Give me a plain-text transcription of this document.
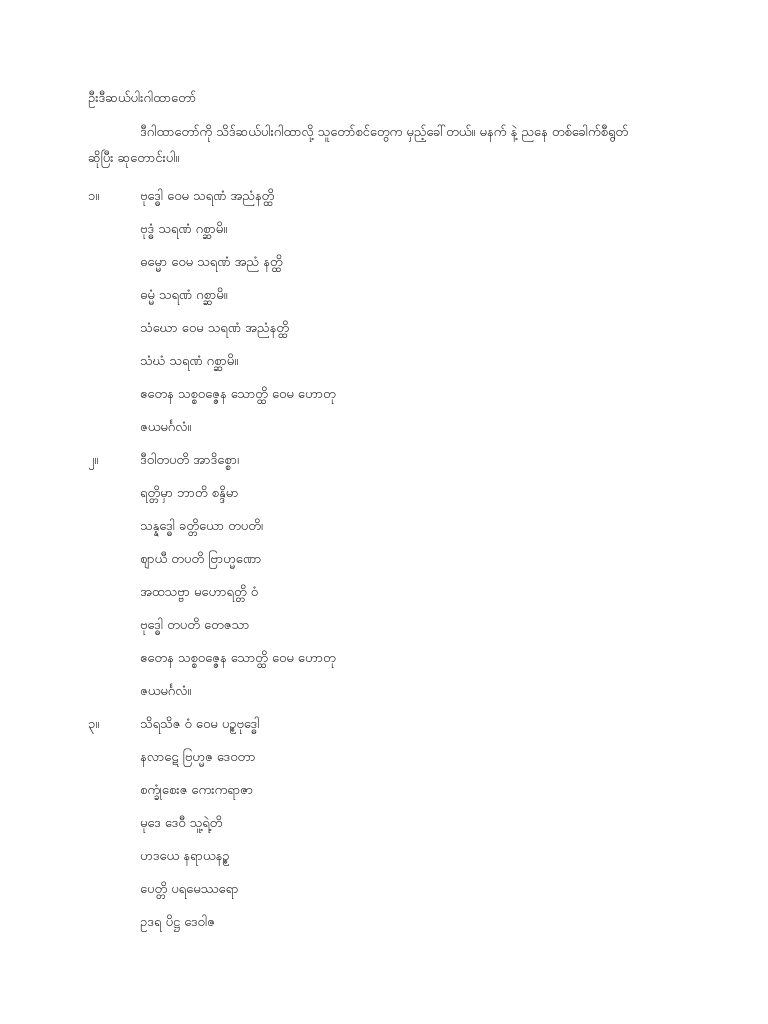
ဦးဒီဆယ်ပါးဂါထာတော်
ဒီဂါထာတော်ကို သိဒ်ဆယ်ပါးဂါထာလို့ သူတော်စင်တွေက မှည့်ခေါ်တယ်။ မနက် နဲ့ ညနေ တစ်ခေါက်စီရွတ်
ဆိုပြီး ဆုတောင်းပါ။
၁။	ဗုဒ္ဓေါ ဝေမ သရဏံ အညံနတ္ထိ
ဗုဒ္ဓံ သရဏံ ဂစ္ဆာမိ။
ဓမ္မော ဝေမ သရဏံ အညံ နတ္ထိ
ဓမ္မံ သရဏံ ဂစ္ဆာမိ။
သံဃော ဝေမ သရဏံ အညံနတ္ထိ
သံဃံ သရဏံ ဂစ္ဆာမိ။
ဧတေန သစ္စဝဇ္ဇေန သောတ္ထိ ဝေမ ဟောတု
ဇယမင်္ဂလံ။
၂။	ဒီဝါတပတိ အာဒိစ္စော၊
ရတ္တိမှာ ဘာတိ စန္ဒိမာ
သန္နဒ္ဓေါ ခတ္တိယော တပတိ၊
ဈာယီ တပတိ ဗြာဟ္မဏော
အထသဗ္ဗာ မဟောရတ္တိ ဝံ
ဗုဒ္ဓေါ တပတိ တေဇသာ
ဧတေန သစ္စဝဇ္ဇေန သောတ္ထိ ဝေမ ဟောတု
ဇယမင်္ဂလံ။
၃။	သိရသိဇ ဝံ ဝေမ ပဥ္စဗုဒ္ဓေါ
နလာဋေ ဗြဟ္မဇ ဒေဝတာ
စက္ခုံစေးဇ ကေးကရာဇာ
မုဒေ ဒေဝီ သူ့ရဲ့တိ
ဟဒယေ နရာယနဥ္စ
ပေတ္တိ ပရမေဿရော
ဥဒရ ပိဋ္ဌ ဒေဝါဇ
